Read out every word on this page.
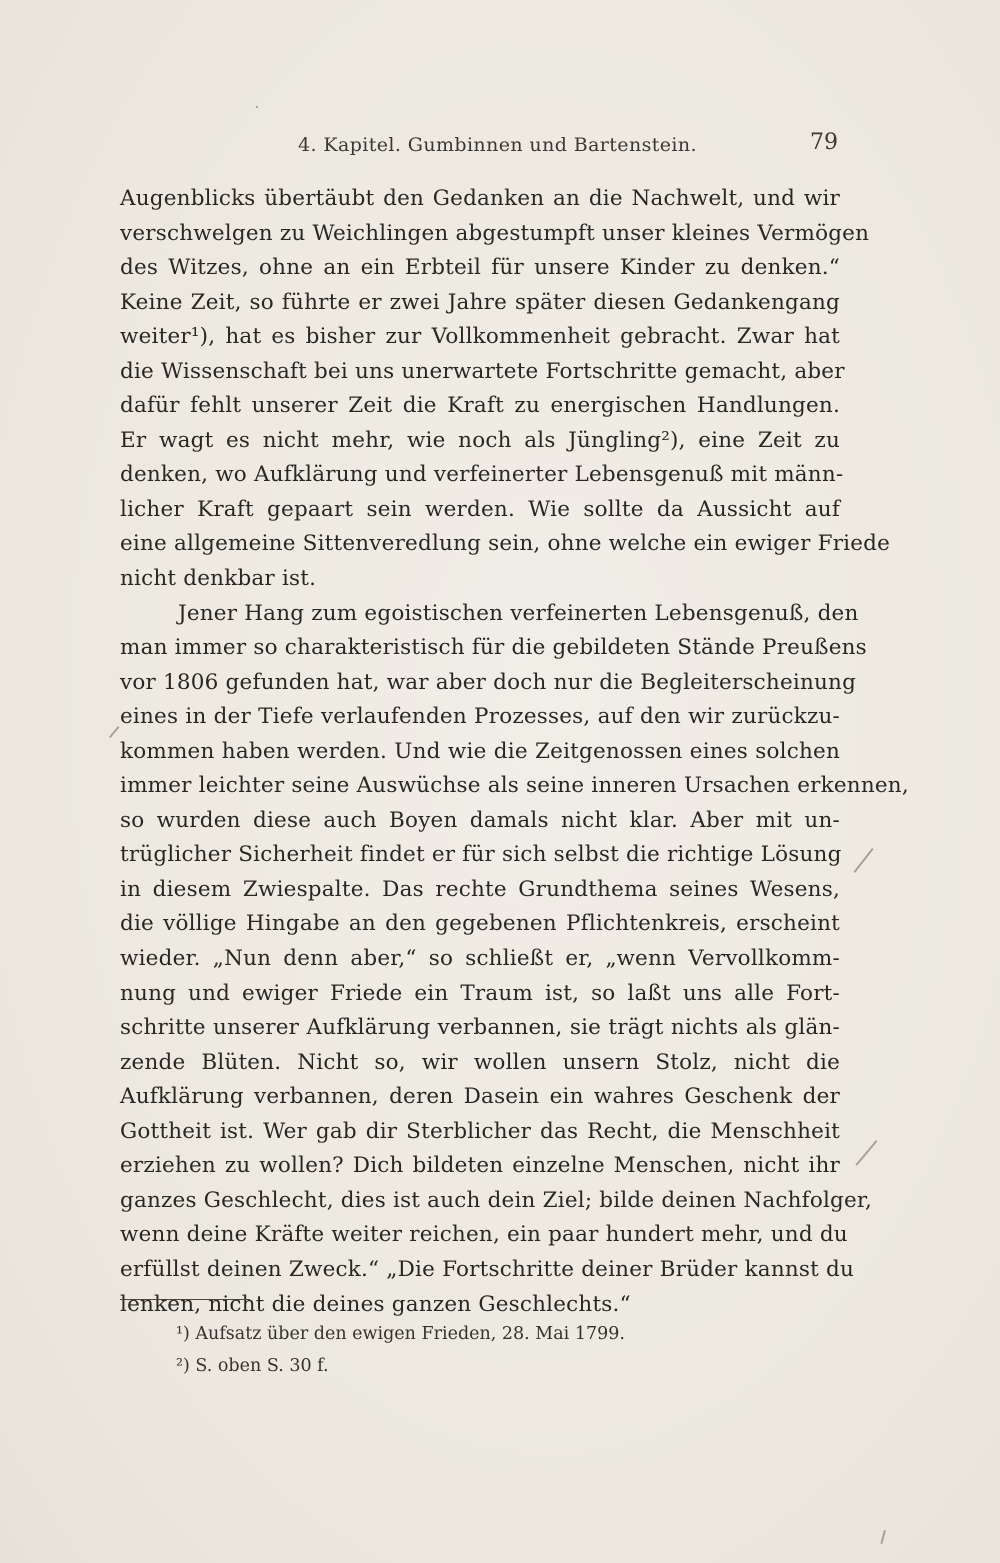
4. Kapitel. Gumbinnen und Bartenstein.	79
Augenblicks übertäubt den Gedanken an die Nachwelt, und wir
verschwelgen zu Weichlingen abgestumpft unser kleines Vermögen
des Witzes, ohne an ein Erbteil für unsere Kinder zu denken.“
Keine Zeit, so führte er zwei Jahre später diesen Gedankengang
weiter¹), hat es bisher zur Vollkommenheit gebracht. Zwar hat
die Wissenschaft bei uns unerwartete Fortschritte gemacht, aber
dafür fehlt unserer Zeit die Kraft zu energischen Handlungen.
Er wagt es nicht mehr, wie noch als Jüngling²), eine Zeit zu
denken, wo Aufklärung und verfeinerter Lebensgenuß mit männ-
licher Kraft gepaart sein werden. Wie sollte da Aussicht auf
eine allgemeine Sittenveredlung sein, ohne welche ein ewiger Friede
nicht denkbar ist.
Jener Hang zum egoistischen verfeinerten Lebensgenuß, den
man immer so charakteristisch für die gebildeten Stände Preußens
vor 1806 gefunden hat, war aber doch nur die Begleiterscheinung
eines in der Tiefe verlaufenden Prozesses, auf den wir zurückzu-
kommen haben werden. Und wie die Zeitgenossen eines solchen
immer leichter seine Auswüchse als seine inneren Ursachen erkennen,
so wurden diese auch Boyen damals nicht klar. Aber mit un-
trüglicher Sicherheit findet er für sich selbst die richtige Lösung
in diesem Zwiespalte. Das rechte Grundthema seines Wesens,
die völlige Hingabe an den gegebenen Pflichtenkreis, erscheint
wieder. „Nun denn aber,“ so schließt er, „wenn Vervollkomm-
nung und ewiger Friede ein Traum ist, so laßt uns alle Fort-
schritte unserer Aufklärung verbannen, sie trägt nichts als glän-
zende Blüten. Nicht so, wir wollen unsern Stolz, nicht die
Aufklärung verbannen, deren Dasein ein wahres Geschenk der
Gottheit ist. Wer gab dir Sterblicher das Recht, die Menschheit
erziehen zu wollen? Dich bildeten einzelne Menschen, nicht ihr
ganzes Geschlecht, dies ist auch dein Ziel; bilde deinen Nachfolger,
wenn deine Kräfte weiter reichen, ein paar hundert mehr, und du
erfüllst deinen Zweck.“ „Die Fortschritte deiner Brüder kannst du
lenken, nicht die deines ganzen Geschlechts.“
¹) Aufsatz über den ewigen Frieden, 28. Mai 1799.
²) S. oben S. 30 f.
